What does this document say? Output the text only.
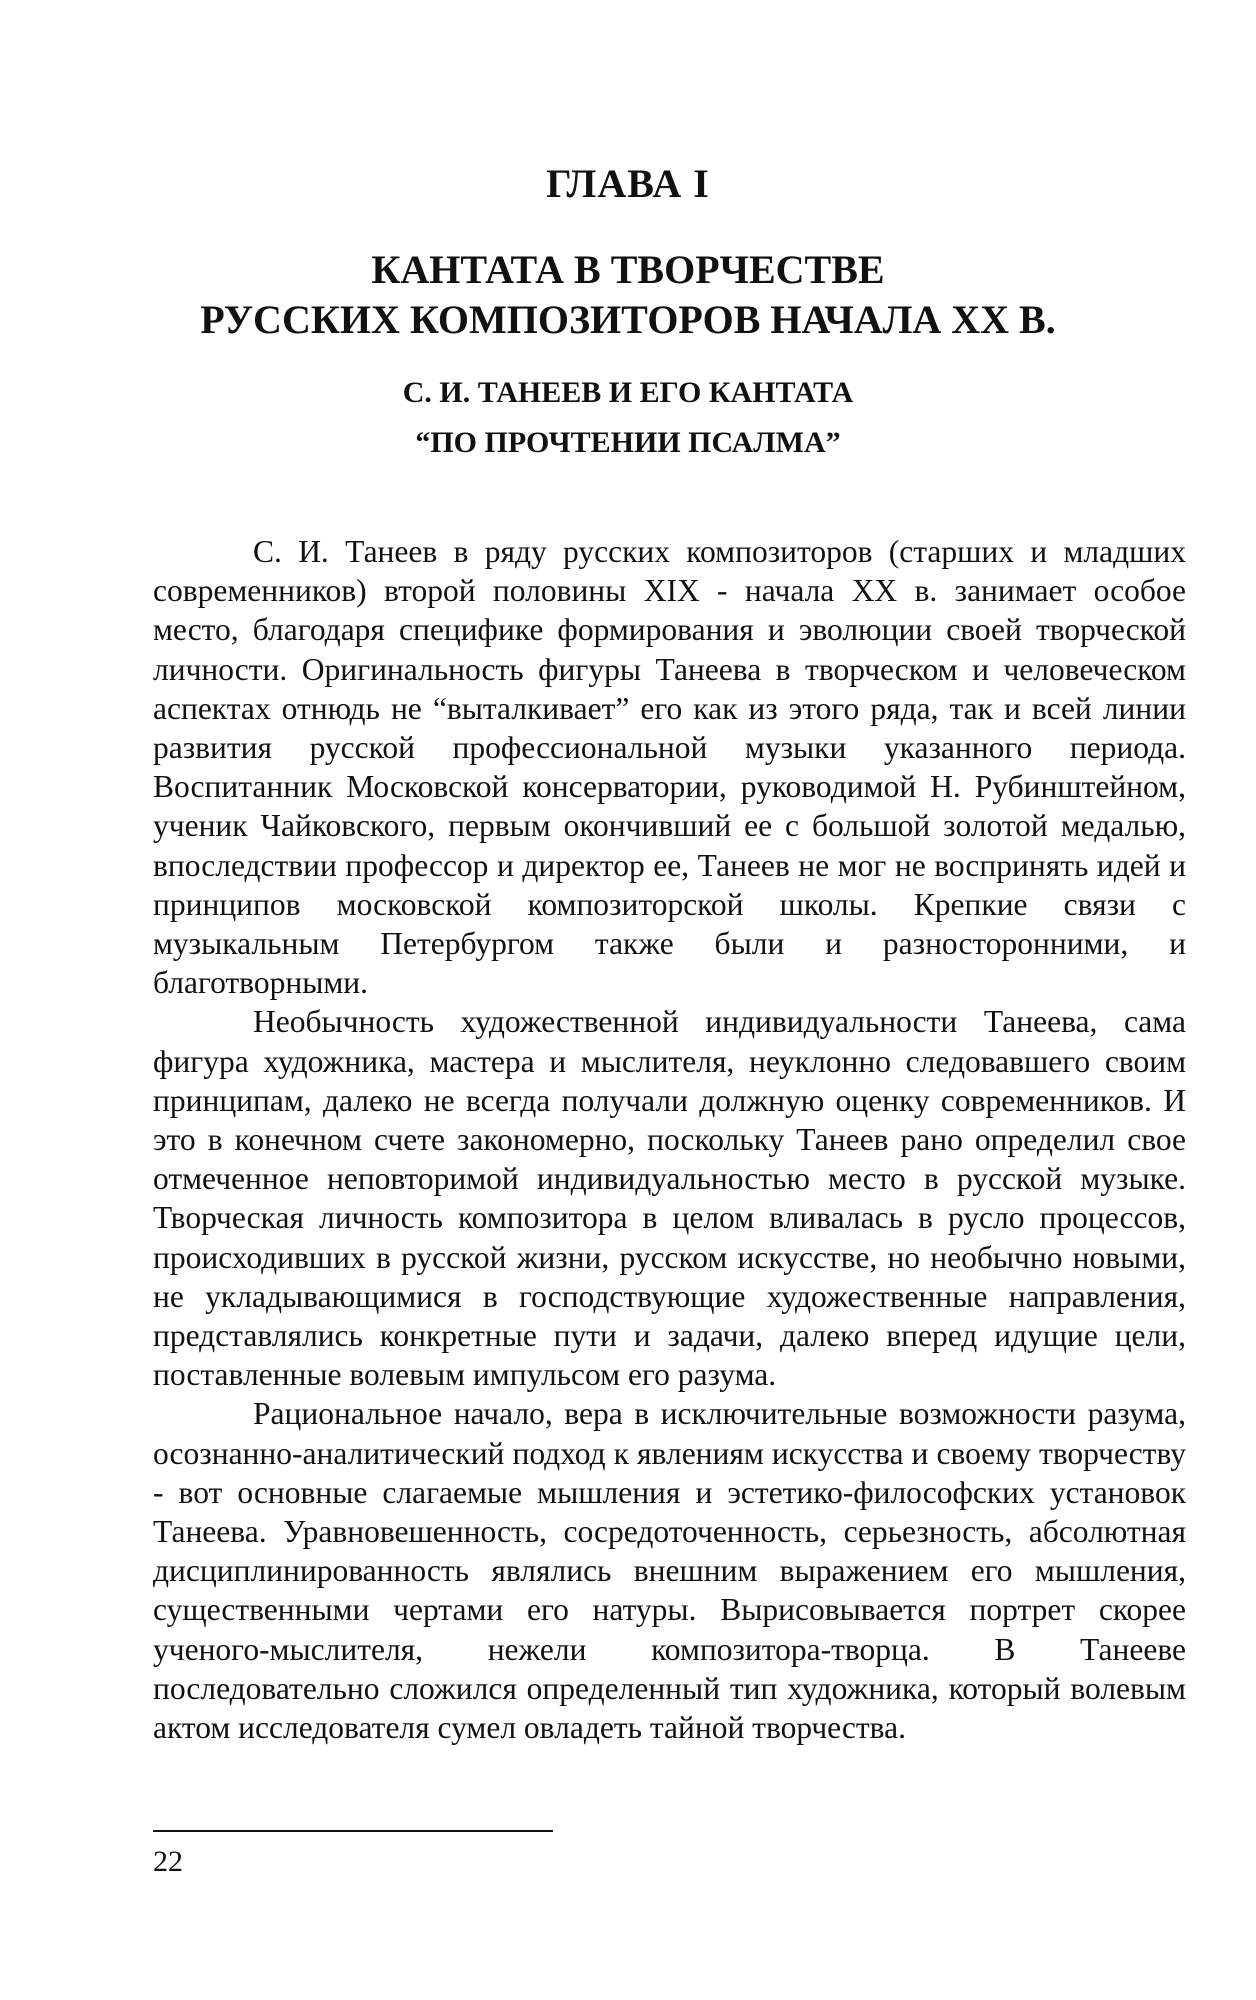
ГЛАВА I
КАНТАТА В ТВОРЧЕСТВЕ
РУССКИХ КОМПОЗИТОРОВ НАЧАЛА XX В.
С. И. ТАНЕЕВ И ЕГО КАНТАТА
“ПО ПРОЧТЕНИИ ПСАЛМА”

С. И. Танеев в ряду русских композиторов (старших и младших современников) второй половины XIX - начала XX в. занимает особое место, благодаря специфике формирования и эволюции своей творческой личности. Оригинальность фигуры Танеева в творческом и человеческом аспектах отнюдь не “выталкивает” его как из этого ряда, так и всей линии развития русской профессиональной музыки указанного периода. Воспитанник Московской консерватории, руководимой Н. Рубинштейном, ученик Чайковского, первым окончивший ее с большой золотой медалью, впоследствии профессор и директор ее, Танеев не мог не воспринять идей и принципов московской композиторской школы. Крепкие связи с музыкальным Петербургом также были и разносторонними, и благотворными.

Необычность художественной индивидуальности Танеева, сама фигура художника, мастера и мыслителя, неуклонно следовавшего своим принципам, далеко не всегда получали должную оценку современников. И это в конечном счете закономерно, поскольку Танеев рано определил свое отмеченное неповторимой индивидуальностью место в русской музыке. Творческая личность композитора в целом вливалась в русло процессов, происходивших в русской жизни, русском искусстве, но необычно новыми, не укладывающимися в господствующие художественные направления, представлялись конкретные пути и задачи, далеко вперед идущие цели, поставленные волевым импульсом его разума.

Рациональное начало, вера в исключительные возможности разума, осознанно-аналитический подход к явлениям искусства и своему творчеству - вот основные слагаемые мышления и эстетико-философских установок Танеева. Уравновешенность, сосредоточенность, серьезность, абсолютная дисциплинированность являлись внешним выражением его мышления, существенными чертами его натуры. Вырисовывается портрет скорее ученого-мыслителя, нежели композитора-творца. В Танееве последовательно сложился определенный тип художника, который волевым актом исследователя сумел овладеть тайной творчества.

22
